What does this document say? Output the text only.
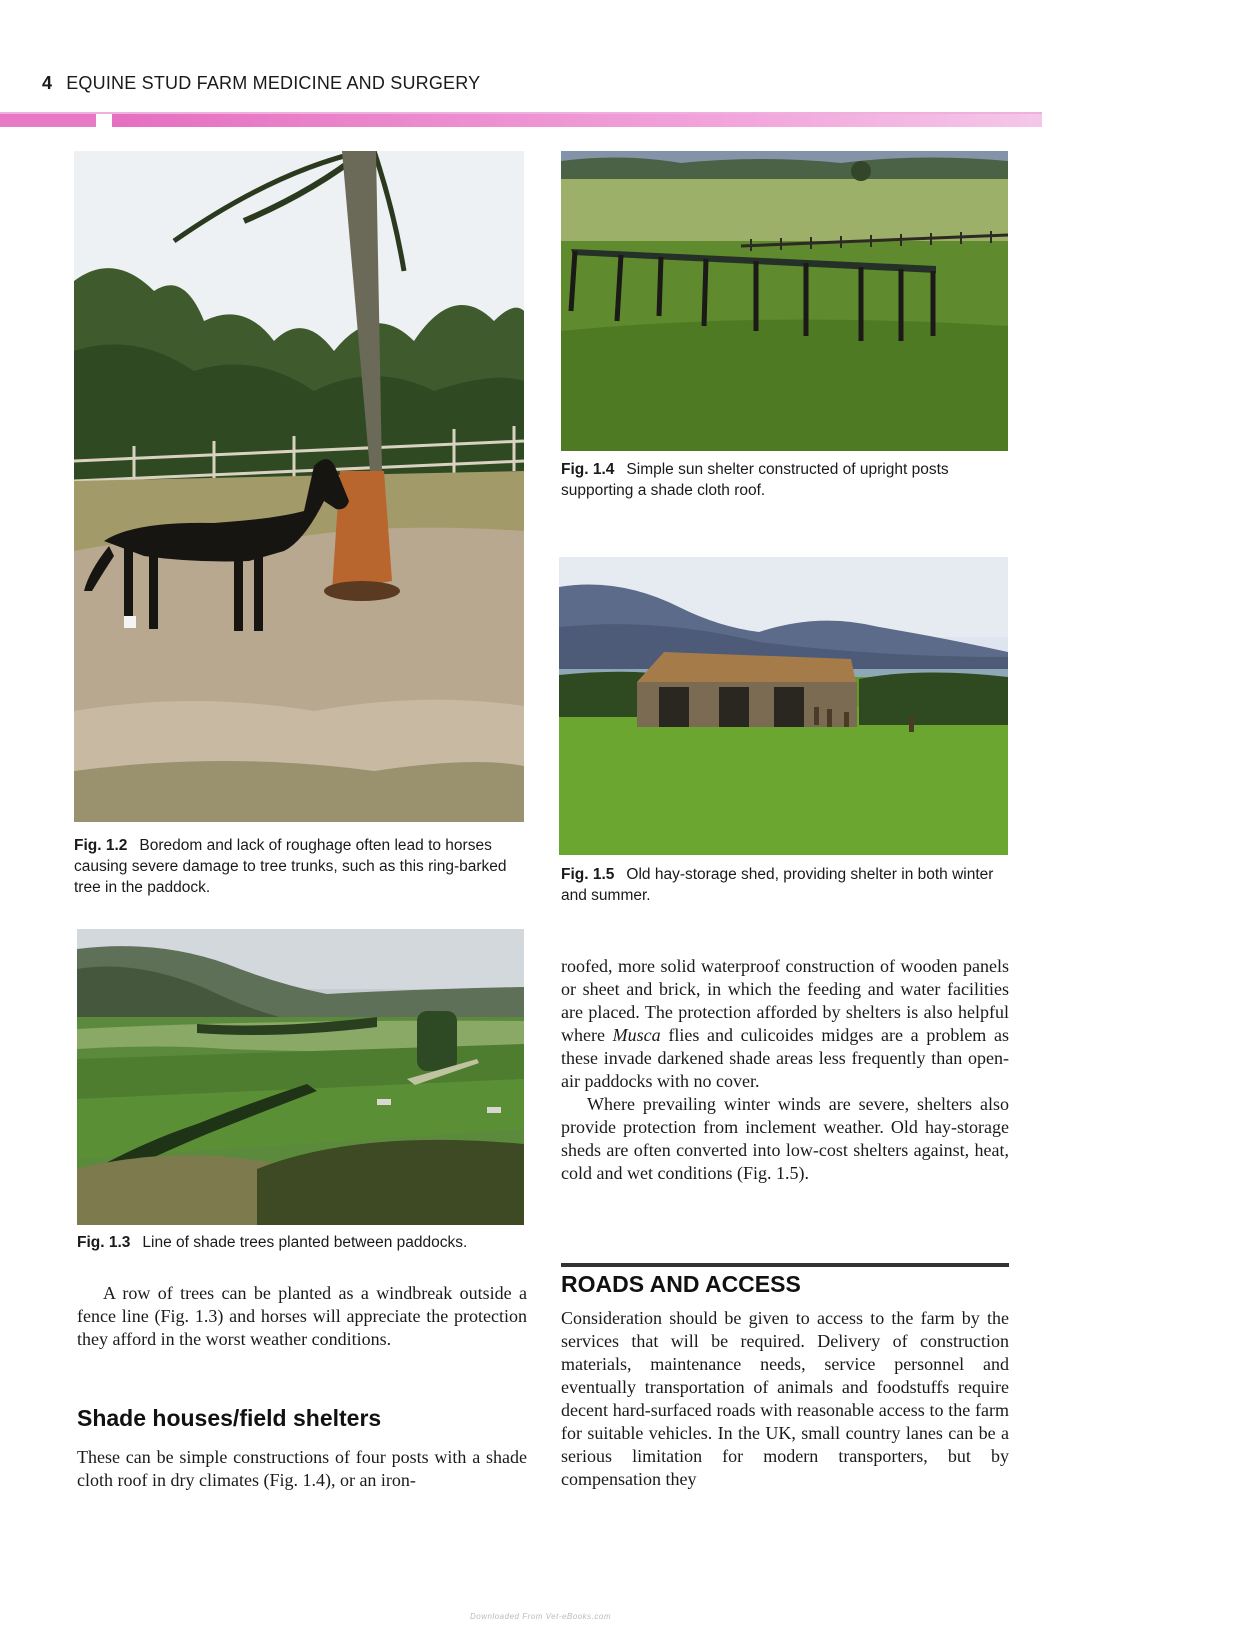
4 EQUINE STUD FARM MEDICINE AND SURGERY
Fig. 1.2 Boredom and lack of roughage often lead to horses causing severe damage to tree trunks, such as this ring-barked tree in the paddock.
Fig. 1.4 Simple sun shelter constructed of upright posts supporting a shade cloth roof.
Fig. 1.5 Old hay-storage shed, providing shelter in both winter and summer.
Fig. 1.3 Line of shade trees planted between paddocks.

A row of trees can be planted as a windbreak outside a fence line (Fig. 1.3) and horses will appreciate the protection they afford in the worst weather conditions.

Shade houses/field shelters

These can be simple constructions of four posts with a shade cloth roof in dry climates (Fig. 1.4), or an iron-

roofed, more solid waterproof construction of wooden panels or sheet and brick, in which the feeding and water facilities are placed. The protection afforded by shelters is also helpful where Musca flies and culicoides midges are a problem as these invade darkened shade areas less frequently than open-air paddocks with no cover.

Where prevailing winter winds are severe, shelters also provide protection from inclement weather. Old hay-storage sheds are often converted into low-cost shelters against, heat, cold and wet conditions (Fig. 1.5).

ROADS AND ACCESS

Consideration should be given to access to the farm by the services that will be required. Delivery of construction materials, maintenance needs, service personnel and eventually transportation of animals and foodstuffs require decent hard-surfaced roads with reasonable access to the farm for suitable vehicles. In the UK, small country lanes can be a serious limitation for modern transporters, but by compensation they

Downloaded From Vet-eBooks.com
